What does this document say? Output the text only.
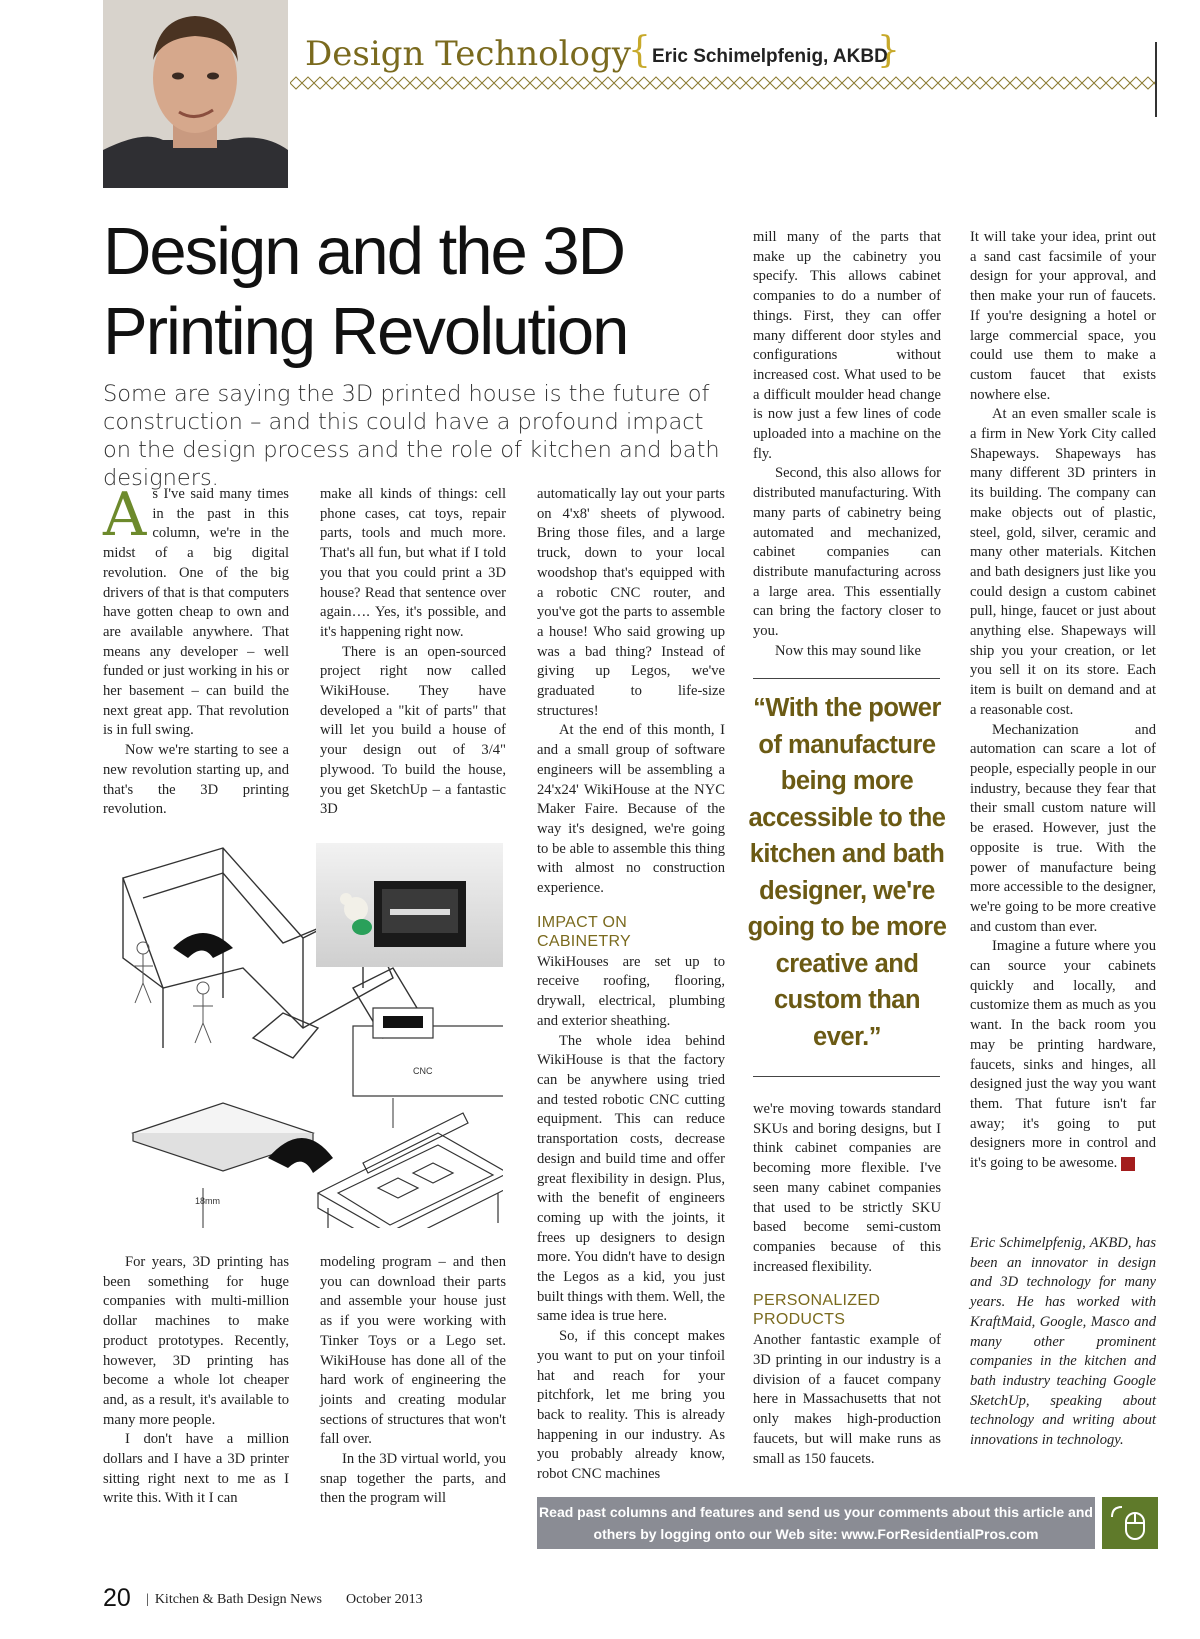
Design Technology
{ Eric Schimelpfenig, AKBD
}
Design and the 3D Printing Revolution

Some are saying the 3D printed house is the future of construction – and this could have a profound impact on the design process and the role of kitchen and bath designers.

As I've said many times in the past in this column, we're in the midst of a big digital revolution. One of the big drivers of that is that computers have gotten cheap to own and are available anywhere. That means any developer – well funded or just working in his or her basement – can build the next great app. That revolution is in full swing.

Now we're starting to see a new revolution starting up, and that's the 3D printing revolution.

make all kinds of things: cell phone cases, cat toys, repair parts, tools and much more. That's all fun, but what if I told you that you could print a 3D house? Read that sentence over again…. Yes, it's possible, and it's happening right now.

There is an open-sourced project right now called WikiHouse. They have developed a "kit of parts" that will let you build a house of your design out of 3/4" plywood. To build the house, you get SketchUp – a fantastic 3D

automatically lay out your parts on 4'x8' sheets of plywood. Bring those files, and a large truck, down to your local woodshop that's equipped with a robotic CNC router, and you've got the parts to assemble a house! Who said growing up was a bad thing? Instead of giving up Legos, we've graduated to life-size structures!

At the end of this month, I and a small group of software engineers will be assembling a 24'x24' WikiHouse at the NYC Maker Faire. Because of the way it's designed, we're going to be able to assemble this thing with almost no construction experience.

IMPACT ON CABINETRY

WikiHouses are set up to receive roofing, flooring, drywall, electrical, plumbing and exterior sheathing.

The whole idea behind WikiHouse is that the factory can be anywhere using tried and tested robotic CNC cutting equipment. This can reduce transportation costs, decrease design and build time and offer great flexibility in design. Plus, with the benefit of engineers coming up with the joints, it frees up designers to design more. You didn't have to design the Legos as a kid, you just built things with them. Well, the same idea is true here.

So, if this concept makes you want to put on your tinfoil hat and reach for your pitchfork, let me bring you back to reality. This is already happening in our industry. As you probably already know, robot CNC machines

mill many of the parts that make up the cabinetry you specify. This allows cabinet companies to do a number of things. First, they can offer many different door styles and configurations without increased cost. What used to be a difficult moulder head change is now just a few lines of code uploaded into a machine on the fly.

Second, this also allows for distributed manufacturing. With many parts of cabinetry being automated and mechanized, cabinet companies can distribute manufacturing across a large area. This essentially can bring the factory closer to you.

Now this may sound like

“With the power of manufacture being more accessible to the kitchen and bath designer, we're going to be more creative and custom than ever.”

we're moving towards standard SKUs and boring designs, but I think cabinet companies are becoming more flexible. I've seen many cabinet companies that used to be strictly SKU based become semi-custom companies because of this increased flexibility.

PERSONALIZED PRODUCTS

Another fantastic example of 3D printing in our industry is a division of a faucet company here in Massachusetts that not only makes high-production faucets, but will make runs as small as 150 faucets.

It will take your idea, print out a sand cast facsimile of your design for your approval, and then make your run of faucets. If you're designing a hotel or large commercial space, you could use them to make a custom faucet that exists nowhere else.

At an even smaller scale is a firm in New York City called Shapeways. Shapeways has many different 3D printers in its building. The company can make objects out of plastic, steel, gold, silver, ceramic and many other materials. Kitchen and bath designers just like you could design a custom cabinet pull, hinge, faucet or just about anything else. Shapeways will ship you your creation, or let you sell it on its store. Each item is built on demand and at a reasonable cost.

Mechanization and automation can scare a lot of people, especially people in our industry, because they fear that their small custom nature will be erased. However, just the opposite is true. With the power of manufacture being more accessible to the designer, we're going to be more creative and custom than ever.

Imagine a future where you can source your cabinets quickly and locally, and customize them as much as you want. In the back room you may be printing hardware, faucets, sinks and hinges, all designed just the way you want them. That future isn't far away; it's going to put designers more in control and it's going to be awesome.	KBDN

Eric Schimelpfenig, AKBD, has been an innovator in design and 3D technology for many years. He has worked with KraftMaid, Google, Masco and many other prominent companies in the kitchen and bath industry teaching Google SketchUp, speaking about technology and writing about innovations in technology.
18mm
CNC

For years, 3D printing has been something for huge companies with multi-million dollar machines to make product prototypes. Recently, however, 3D printing has become a whole lot cheaper and, as a result, it's available to many more people.

I don't have a million dollars and I have a 3D printer sitting right next to me as I write this. With it I can

modeling program – and then you can download their parts and assemble your house just as if you were working with Tinker Toys or a Lego set. WikiHouse has done all of the hard work of engineering the joints and creating modular sections of structures that won't fall over.

In the 3D virtual world, you snap together the parts, and then the program will

Read past columns and features and send us your comments about this article and others by logging onto our Web site: www.ForResidentialPros.com
20	| Kitchen & Bath Design News October 2013
